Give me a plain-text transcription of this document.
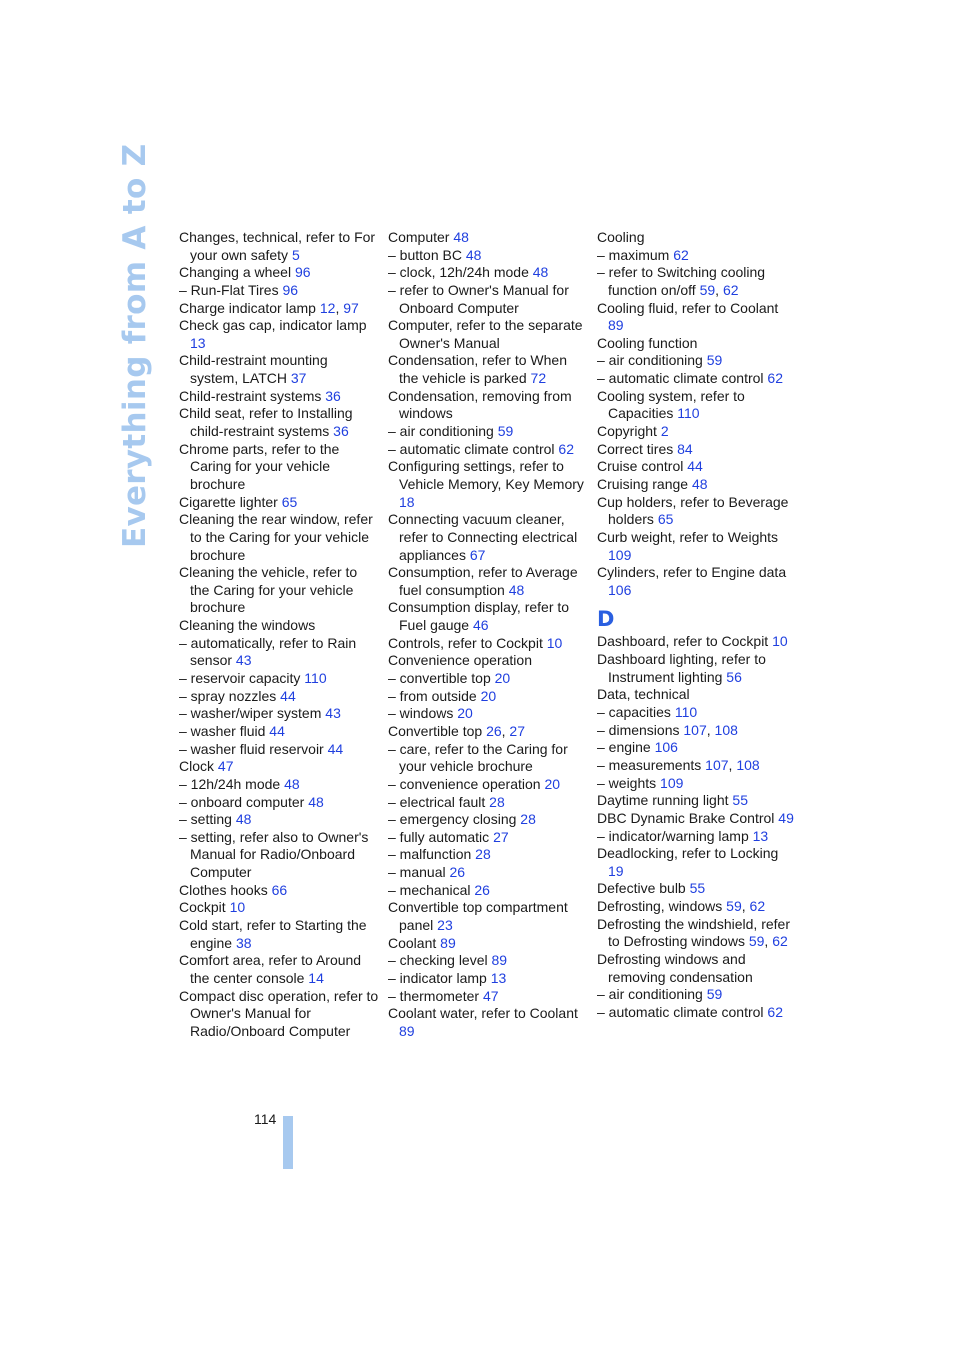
Everything from A to Z Changes, technical, refer to For your own safety 5
Changing a wheel 96
– Run-Flat Tires 96
Charge indicator lamp 12, 97
Check gas cap, indicator lamp 13
Child-restraint mounting system, LATCH 37
Child-restraint systems 36
Child seat, refer to Installing child-restraint systems 36
Chrome parts, refer to the Caring for your vehicle brochure
Cigarette lighter 65
Cleaning the rear window, refer to the Caring for your vehicle brochure
Cleaning the vehicle, refer to the Caring for your vehicle brochure
Cleaning the windows
– automatically, refer to Rain sensor 43
– reservoir capacity 110
– spray nozzles 44
– washer/wiper system 43
– washer fluid 44
– washer fluid reservoir 44
Clock 47
– 12h/24h mode 48
– onboard computer 48
– setting 48
– setting, refer also to Owner's Manual for Radio/Onboard Computer
Clothes hooks 66
Cockpit 10
Cold start, refer to Starting the engine 38
Comfort area, refer to Around the center console 14
Compact disc operation, refer to Owner's Manual for Radio/Onboard Computer
Computer 48
– button BC 48
– clock, 12h/24h mode 48
– refer to Owner's Manual for Onboard Computer
Computer, refer to the separate Owner's Manual
Condensation, refer to When the vehicle is parked 72
Condensation, removing from windows
– air conditioning 59
– automatic climate control 62
Configuring settings, refer to Vehicle Memory, Key Memory 18
Connecting vacuum cleaner, refer to Connecting electrical appliances 67
Consumption, refer to Average fuel consumption 48
Consumption display, refer to Fuel gauge 46
Controls, refer to Cockpit 10
Convenience operation
– convertible top 20
– from outside 20
– windows 20
Convertible top 26, 27
– care, refer to the Caring for your vehicle brochure
– convenience operation 20
– electrical fault 28
– emergency closing 28
– fully automatic 27
– malfunction 28
– manual 26
– mechanical 26
Convertible top compartment panel 23
Coolant 89
– checking level 89
– indicator lamp 13
– thermometer 47
Coolant water, refer to Coolant 89
Cooling
– maximum 62
– refer to Switching cooling function on/off 59, 62
Cooling fluid, refer to Coolant 89
Cooling function
– air conditioning 59
– automatic climate control 62
Cooling system, refer to Capacities 110
Copyright 2
Correct tires 84
Cruise control 44
Cruising range 48
Cup holders, refer to Beverage holders 65
Curb weight, refer to Weights 109
Cylinders, refer to Engine data 106
D
Dashboard, refer to Cockpit 10
Dashboard lighting, refer to Instrument lighting 56
Data, technical
– capacities 110
– dimensions 107, 108
– engine 106
– measurements 107, 108
– weights 109
Daytime running light 55
DBC Dynamic Brake Control 49
– indicator/warning lamp 13
Deadlocking, refer to Locking 19
Defective bulb 55
Defrosting, windows 59, 62
Defrosting the windshield, refer to Defrosting windows 59, 62
Defrosting windows and removing condensation
– air conditioning 59
– automatic climate control 62
114
